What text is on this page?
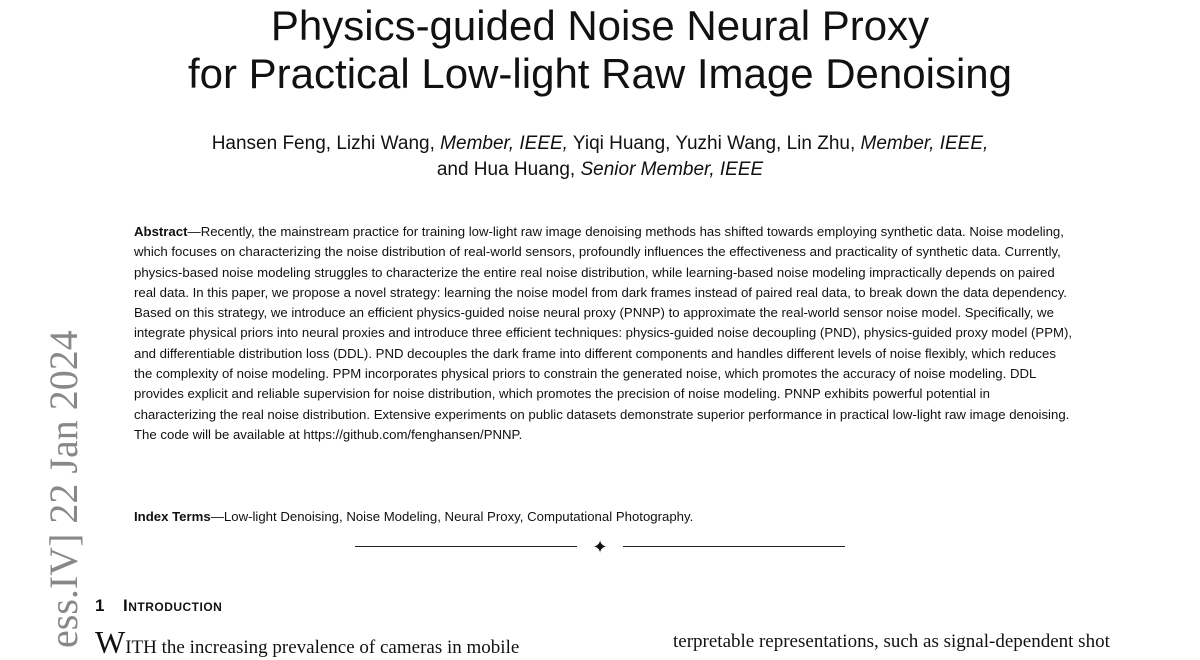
ess.IV] 22 Jan 2024
Physics-guided Noise Neural Proxy
for Practical Low-light Raw Image Denoising
Hansen Feng, Lizhi Wang, Member, IEEE, Yiqi Huang, Yuzhi Wang, Lin Zhu, Member, IEEE,
and Hua Huang, Senior Member, IEEE
Abstract—Recently, the mainstream practice for training low-light raw image denoising methods has shifted towards employing synthetic data. Noise modeling, which focuses on characterizing the noise distribution of real-world sensors, profoundly influences the effectiveness and practicality of synthetic data. Currently, physics-based noise modeling struggles to characterize the entire real noise distribution, while learning-based noise modeling impractically depends on paired real data. In this paper, we propose a novel strategy: learning the noise model from dark frames instead of paired real data, to break down the data dependency. Based on this strategy, we introduce an efficient physics-guided noise neural proxy (PNNP) to approximate the real-world sensor noise model. Specifically, we integrate physical priors into neural proxies and introduce three efficient techniques: physics-guided noise decoupling (PND), physics-guided proxy model (PPM), and differentiable distribution loss (DDL). PND decouples the dark frame into different components and handles different levels of noise flexibly, which reduces the complexity of noise modeling. PPM incorporates physical priors to constrain the generated noise, which promotes the accuracy of noise modeling. DDL provides explicit and reliable supervision for noise distribution, which promotes the precision of noise modeling. PNNP exhibits powerful potential in characterizing the real noise distribution. Extensive experiments on public datasets demonstrate superior performance in practical low-light raw image denoising. The code will be available at https://github.com/fenghansen/PNNP.
Index Terms—Low-light Denoising, Noise Modeling, Neural Proxy, Computational Photography.
✦
1 Introduction
WITH the increasing prevalence of cameras in mobile	terpretable representations, such as signal-dependent shot
